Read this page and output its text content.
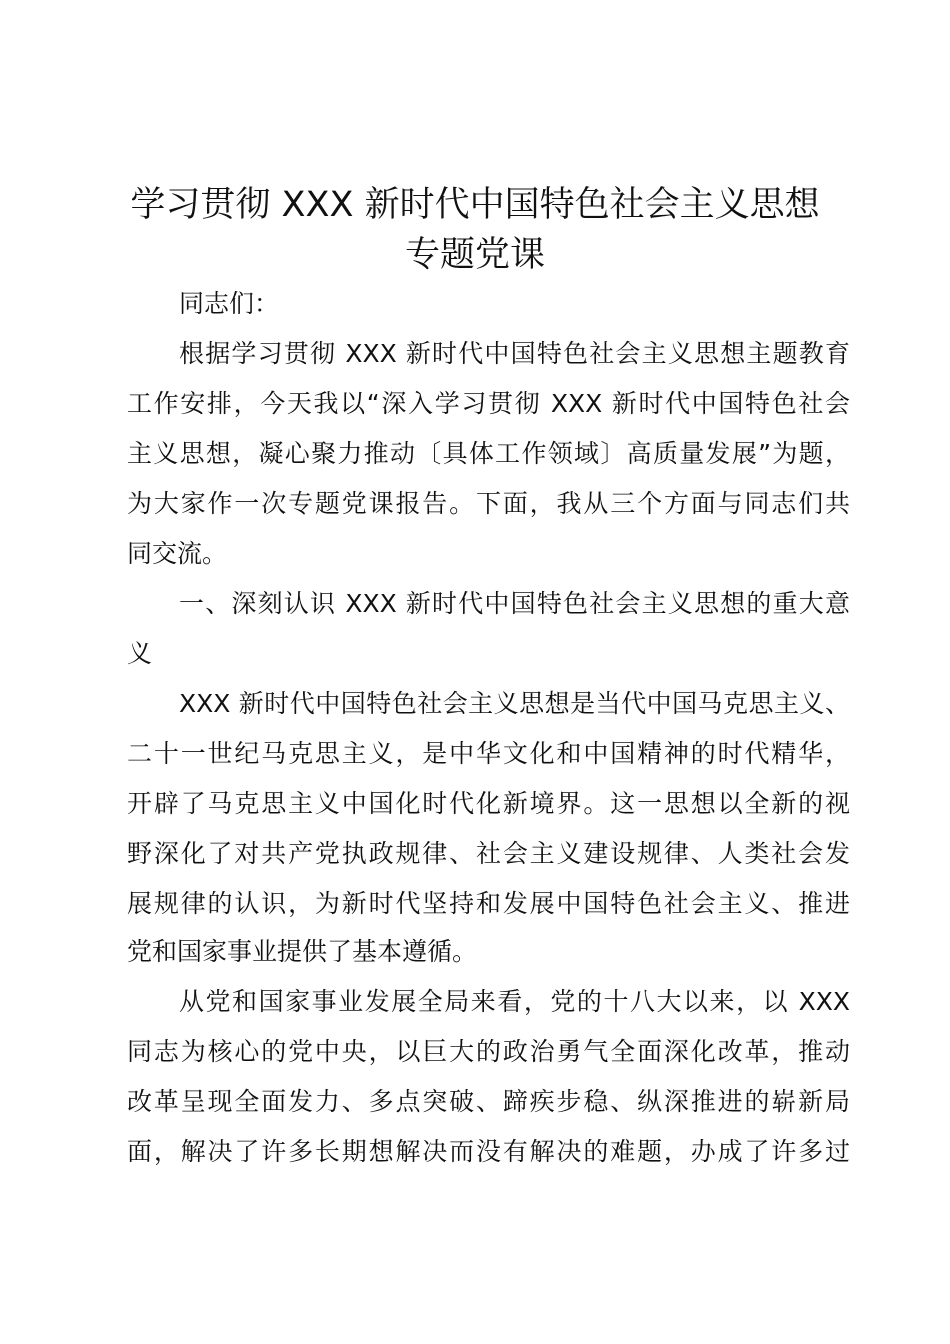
学习贯彻 XXX 新时代中国特色社会主义思想
专题党课
同志们：
根据学习贯彻 XXX 新时代中国特色社会主义思想主题教育
工作安排，今天我以“深入学习贯彻 XXX 新时代中国特色社会
主义思想，凝心聚力推动〔具体工作领域〕高质量发展”为题，
为大家作一次专题党课报告。下面，我从三个方面与同志们共
同交流。
一、深刻认识 XXX 新时代中国特色社会主义思想的重大意
义
XXX 新时代中国特色社会主义思想是当代中国马克思主义、
二十一世纪马克思主义，是中华文化和中国精神的时代精华，
开辟了马克思主义中国化时代化新境界。这一思想以全新的视
野深化了对共产党执政规律、社会主义建设规律、人类社会发
展规律的认识，为新时代坚持和发展中国特色社会主义、推进
党和国家事业提供了基本遵循。
从党和国家事业发展全局来看，党的十八大以来，以 XXX
同志为核心的党中央，以巨大的政治勇气全面深化改革，推动
改革呈现全面发力、多点突破、蹄疾步稳、纵深推进的崭新局
面，解决了许多长期想解决而没有解决的难题，办成了许多过
